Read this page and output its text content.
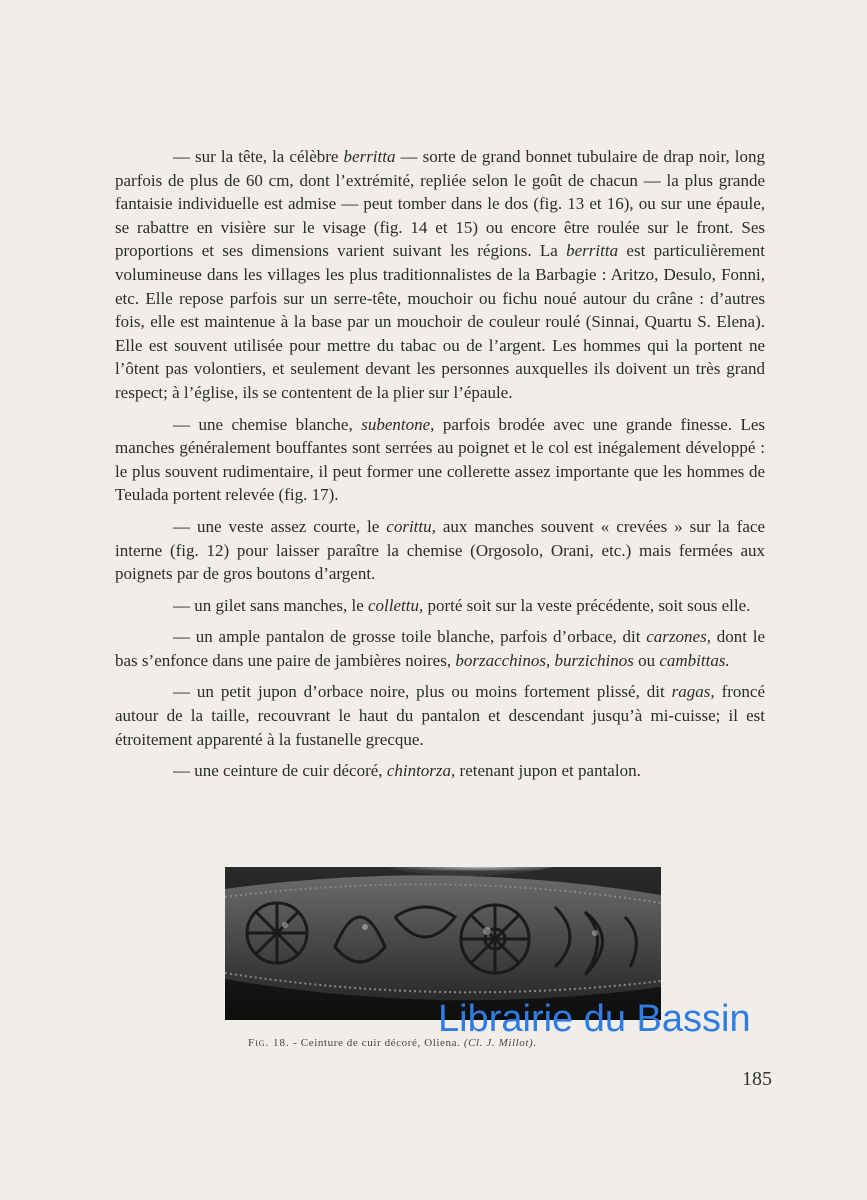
— sur la tête, la célèbre berritta — sorte de grand bonnet tubulaire de drap noir, long parfois de plus de 60 cm, dont l’extrémité, repliée selon le goût de chacun — la plus grande fantaisie individuelle est admise — peut tomber dans le dos (fig. 13 et 16), ou sur une épaule, se rabattre en visière sur le visage (fig. 14 et 15) ou encore être roulée sur le front. Ses proportions et ses dimensions varient suivant les régions. La berritta est particulièrement volumineuse dans les villages les plus traditionnalistes de la Barbagie : Aritzo, Desulo, Fonni, etc. Elle repose parfois sur un serre-tête, mouchoir ou fichu noué autour du crâne : d’autres fois, elle est maintenue à la base par un mouchoir de couleur roulé (Sinnai, Quartu S. Elena). Elle est souvent utilisée pour mettre du tabac ou de l’argent. Les hommes qui la portent ne l’ôtent pas volontiers, et seulement devant les personnes auxquelles ils doivent un très grand respect; à l’église, ils se contentent de la plier sur l’épaule.

— une chemise blanche, subentone, parfois brodée avec une grande finesse. Les manches généralement bouffantes sont serrées au poignet et le col est inégalement développé : le plus souvent rudimentaire, il peut former une collerette assez importante que les hommes de Teulada portent relevée (fig. 17).

— une veste assez courte, le corittu, aux manches souvent « crevées » sur la face interne (fig. 12) pour laisser paraître la chemise (Orgosolo, Orani, etc.) mais fermées aux poignets par de gros boutons d’argent.

— un gilet sans manches, le collettu, porté soit sur la veste précédente, soit sous elle.

— un ample pantalon de grosse toile blanche, parfois d’orbace, dit carzones, dont le bas s’enfonce dans une paire de jambières noires, borzacchinos, burzichinos ou cambittas.

— un petit jupon d’orbace noire, plus ou moins fortement plissé, dit ragas, froncé autour de la taille, recouvrant le haut du pantalon et descendant jusqu’à mi-cuisse; il est étroitement apparenté à la fustanelle grecque.

— une ceinture de cuir décoré, chintorza, retenant jupon et pantalon.

Fig. 18. - Ceinture de cuir décoré, Oliena. (Cl. J. Millot).
Librairie du Bassin
185
